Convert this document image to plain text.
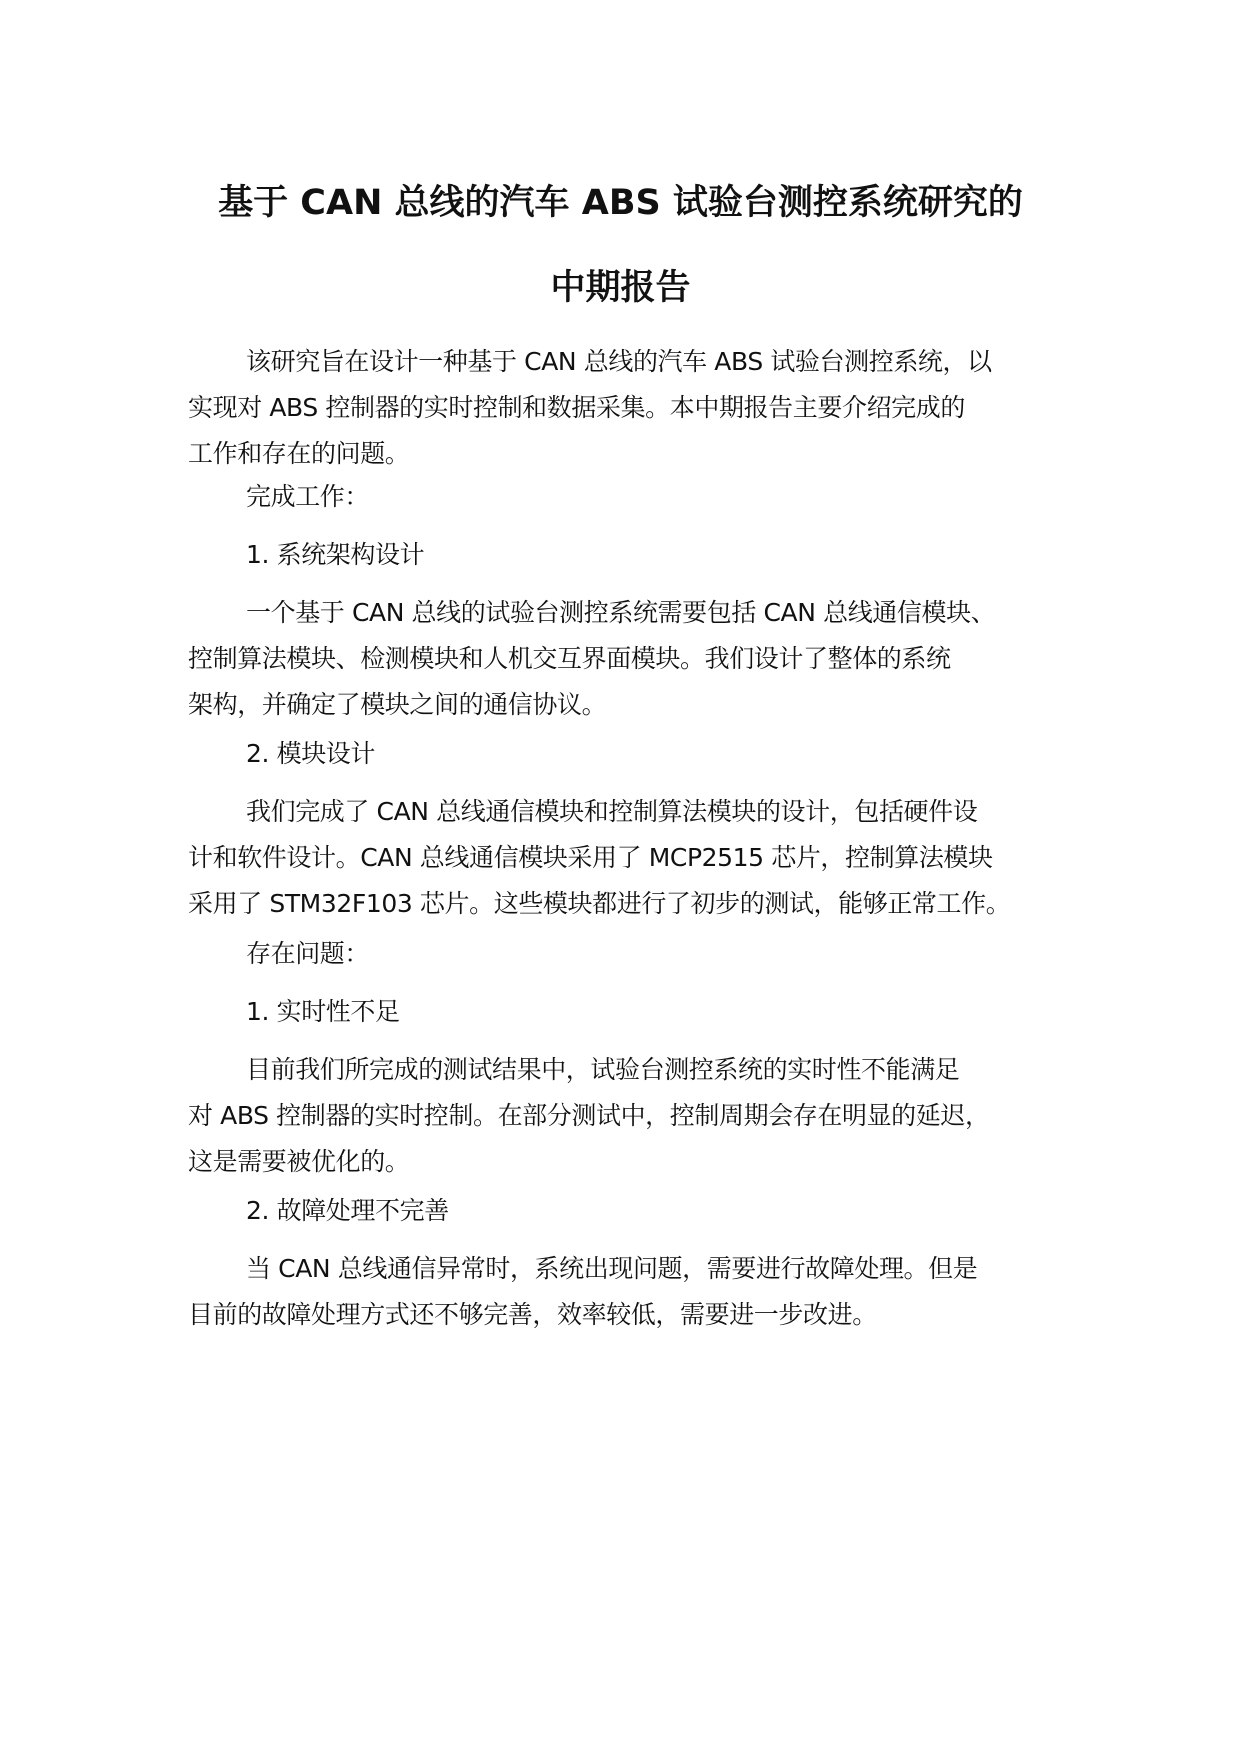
基于 CAN 总线的汽车 ABS 试验台测控系统研究的
中期报告

该研究旨在设计一种基于 CAN 总线的汽车 ABS 试验台测控系统，以
实现对 ABS 控制器的实时控制和数据采集。本中期报告主要介绍完成的
工作和存在的问题。

完成工作：

1. 系统架构设计

一个基于 CAN 总线的试验台测控系统需要包括 CAN 总线通信模块、
控制算法模块、检测模块和人机交互界面模块。我们设计了整体的系统
架构，并确定了模块之间的通信协议。

2. 模块设计

我们完成了 CAN 总线通信模块和控制算法模块的设计，包括硬件设
计和软件设计。CAN 总线通信模块采用了 MCP2515 芯片，控制算法模块
采用了 STM32F103 芯片。这些模块都进行了初步的测试，能够正常工作。

存在问题：

1. 实时性不足

目前我们所完成的测试结果中，试验台测控系统的实时性不能满足
对 ABS 控制器的实时控制。在部分测试中，控制周期会存在明显的延迟，
这是需要被优化的。

2. 故障处理不完善

当 CAN 总线通信异常时，系统出现问题，需要进行故障处理。但是
目前的故障处理方式还不够完善，效率较低，需要进一步改进。
